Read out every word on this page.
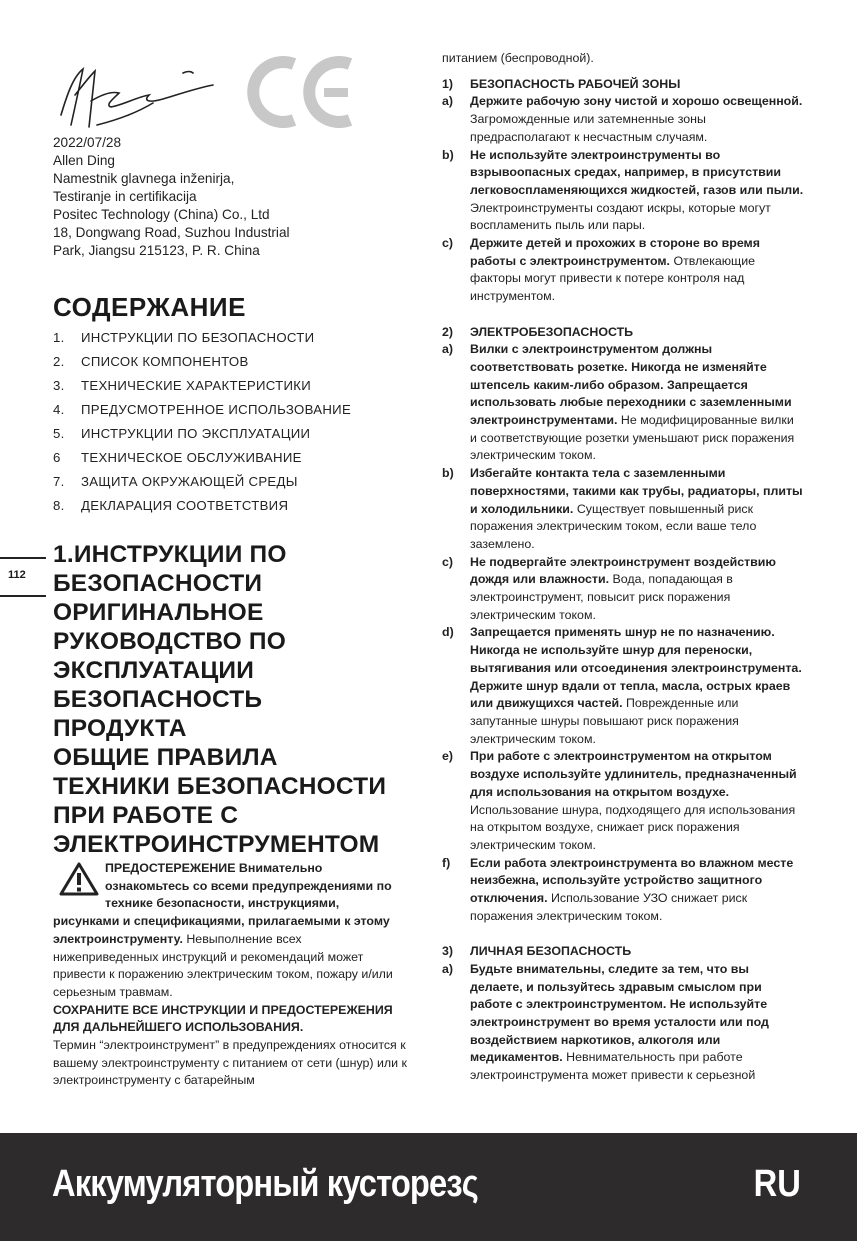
2022/07/28
Allen Ding
Namestnik glavnega inženirja,
Testiranje in certifikacija
Positec Technology (China) Co., Ltd
18, Dongwang Road, Suzhou Industrial
Park, Jiangsu 215123, P. R. China
СОДЕРЖАНИЕ
1.	ИНСТРУКЦИИ ПО БЕЗОПАСНОСТИ
2.	СПИСОК КОМПОНЕНТОВ
3.	ТЕХНИЧЕСКИЕ ХАРАКТЕРИСТИКИ
4.	ПРЕДУСМОТРЕННОЕ ИСПОЛЬЗОВАНИЕ
5.	ИНСТРУКЦИИ ПО ЭКСПЛУАТАЦИИ
6	ТЕХНИЧЕСКОЕ ОБСЛУЖИВАНИЕ
7.	ЗАЩИТА ОКРУЖАЮЩЕЙ СРЕДЫ
8.	ДЕКЛАРАЦИЯ СООТВЕТСТВИЯ
112
1.ИНСТРУКЦИИ ПО
БЕЗОПАСНОСТИ
ОРИГИНАЛЬНОЕ
РУКОВОДСТВО ПО
ЭКСПЛУАТАЦИИ
БЕЗОПАСНОСТЬ
ПРОДУКТА
ОБЩИЕ ПРАВИЛА
ТЕХНИКИ БЕЗОПАСНОСТИ
ПРИ РАБОТЕ С
ЭЛЕКТРОИНСТРУМЕНТОМ
ПРЕДОСТЕРЕЖЕНИЕ Внимательно ознакомьтесь со всеми предупреждениями по технике безопасности, инструкциями, рисунками и спецификациями, прилагаемыми к этому электроинструменту. Невыполнение всех нижеприведенных инструкций и рекомендаций может привести к поражению электрическим током, пожару и/или серьезным травмам.
СОХРАНИТЕ ВСЕ ИНСТРУКЦИИ И ПРЕДОСТЕРЕЖЕНИЯ ДЛЯ ДАЛЬНЕЙШЕГО ИСПОЛЬЗОВАНИЯ.
Термин “электроинструмент” в предупреждениях относится к вашему электроинструменту с питанием от сети (шнур) или к электроинструменту с батарейным

питанием (беспроводной).

1)	БЕЗОПАСНОСТЬ РАБОЧЕЙ ЗОНЫ
a)	Держите рабочую зону чистой и хорошо освещенной. Загроможденные или затемненные зоны предрасполагают к несчастным случаям.
b)	Не используйте электроинструменты во взрывоопасных средах, например, в присутствии легковоспламеняющихся жидкостей, газов или пыли. Электроинструменты создают искры, которые могут воспламенить пыль или пары.
c)	Держите детей и прохожих в стороне во время работы с электроинструментом. Отвлекающие факторы могут привести к потере контроля над инструментом.
2)	ЭЛЕКТРОБЕЗОПАСНОСТЬ
a)	Вилки с электроинструментом должны соответствовать розетке. Никогда не изменяйте штепсель каким-либо образом. Запрещается использовать любые переходники с заземленными электроинструментами. Не модифицированные вилки и соответствующие розетки уменьшают риск поражения электрическим током.
b)	Избегайте контакта тела с заземленными поверхностями, такими как трубы, радиаторы, плиты и холодильники. Существует повышенный риск поражения электрическим током, если ваше тело заземлено.
c)	Не подвергайте электроинструмент воздействию дождя или влажности. Вода, попадающая в электроинструмент, повысит риск поражения электрическим током.
d)	Запрещается применять шнур не по назначению. Никогда не используйте шнур для переноски, вытягивания или отсоединения электроинструмента. Держите шнур вдали от тепла, масла, острых краев или движущихся частей. Поврежденные или запутанные шнуры повышают риск поражения электрическим током.
e)	При работе с электроинструментом на открытом воздухе используйте удлинитель, предназначенный для использования на открытом воздухе. Использование шнура, подходящего для использования на открытом воздухе, снижает риск поражения электрическим током.
f)	Если работа электроинструмента во влажном месте неизбежна, используйте устройство защитного отключения. Использование УЗО снижает риск поражения электрическим током.
3)	ЛИЧНАЯ БЕЗОПАСНОСТЬ
a)	Будьте внимательны, следите за тем, что вы делаете, и пользуйтесь здравым смыслом при работе с электроинструментом. Не используйте электроинструмент во время усталости или под воздействием наркотиков, алкоголя или медикаментов. Невнимательность при работе электроинструмента может привести к серьезной
Аккумуляторный кусторезς	RU
